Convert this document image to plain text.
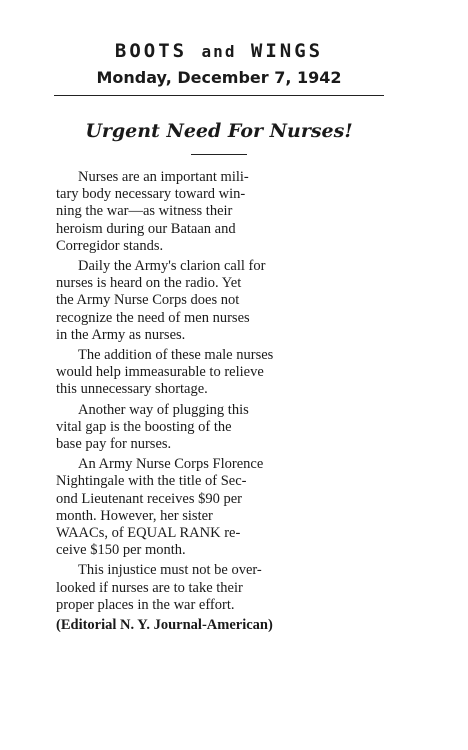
BOOTS and WINGS
Monday, December 7, 1942
Urgent Need For Nurses!

Nurses are an important mili-
tary body necessary toward win-
ning the war—as witness their
heroism during our Bataan and
Corregidor stands.

Daily the Army's clarion call for
nurses is heard on the radio. Yet
the Army Nurse Corps does not
recognize the need of men nurses
in the Army as nurses.

The addition of these male nurses
would help immeasurable to relieve
this unnecessary shortage.

Another way of plugging this
vital gap is the boosting of the
base pay for nurses.

An Army Nurse Corps Florence
Nightingale with the title of Sec-
ond Lieutenant receives $90 per
month. However, her sister
WAACs, of EQUAL RANK re-
ceive $150 per month.

This injustice must not be over-
looked if nurses are to take their
proper places in the war effort.

(Editorial N. Y. Journal-American)
